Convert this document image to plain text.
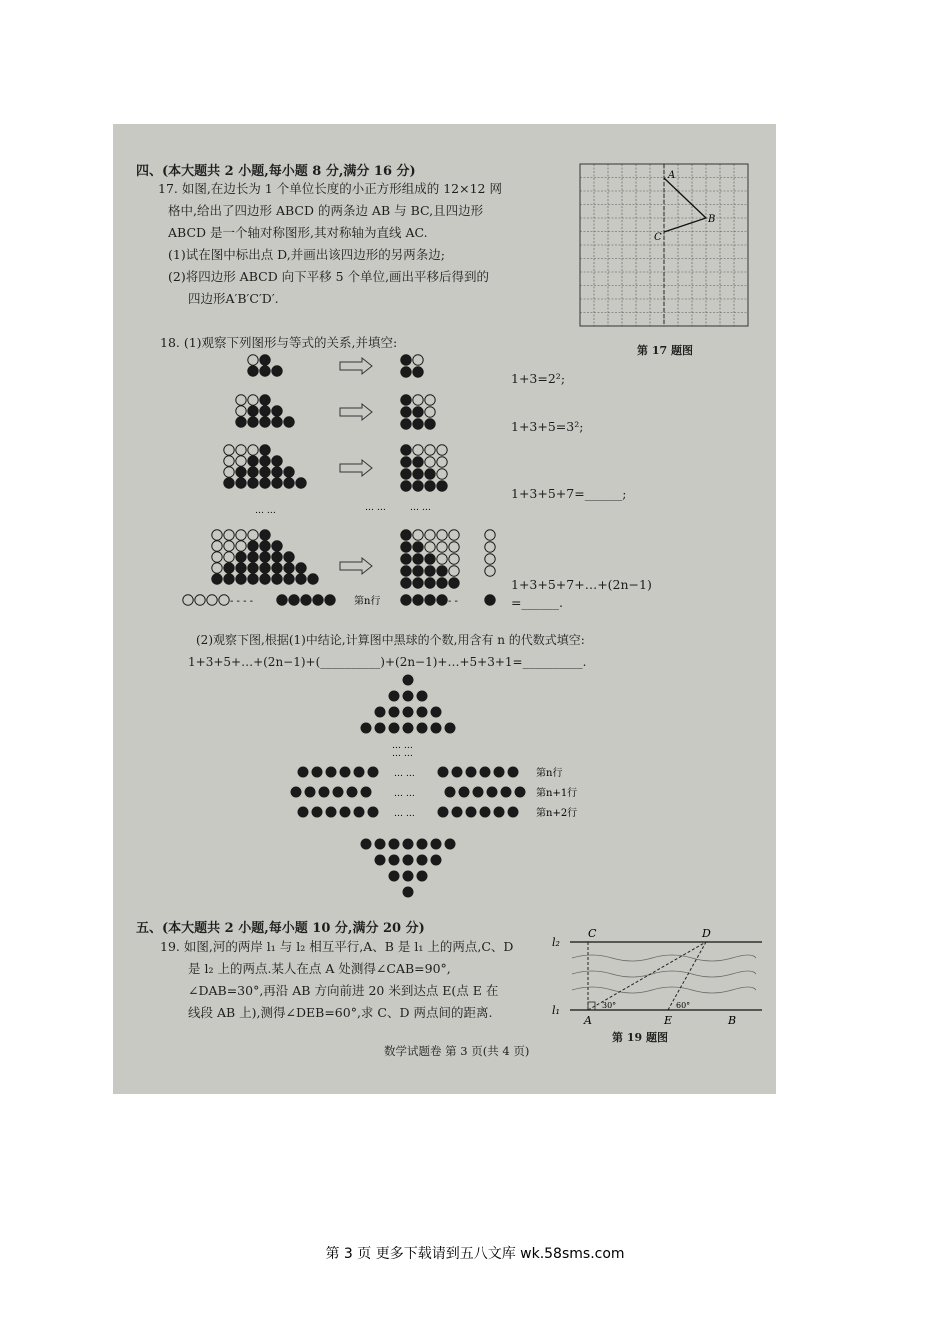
四、(本大题共 2 小题,每小题 8 分,满分 16 分)
17. 如图,在边长为 1 个单位长度的小正方形组成的 12×12 网
格中,给出了四边形 ABCD 的两条边 AB 与 BC,且四边形
ABCD 是一个轴对称图形,其对称轴为直线 AC.
(1)试在图中标出点 D,并画出该四边形的另两条边;
(2)将四边形 ABCD 向下平移 5 个单位,画出平移后得到的
四边形A′B′C′D′.
A
B
C
第 17 题图
18. (1)观察下列图形与等式的关系,并填空:
… …
… …	… …
第n行
- - - -	- -
1+3=2²;
1+3+5=3²;
1+3+5+7=______;
1+3+5+7+…+(2n−1)
=______.
(2)观察下图,根据(1)中结论,计算图中黑球的个数,用含有 n 的代数式填空:
1+3+5+…+(2n−1)+(__________)+(2n−1)+…+5+3+1=__________.
… …
… …
… …
… …
… …
第n行
第n+1行
第n+2行
五、(本大题共 2 小题,每小题 10 分,满分 20 分)
19. 如图,河的两岸 l₁ 与 l₂ 相互平行,A、B 是 l₁ 上的两点,C、D
是 l₂ 上的两点.某人在点 A 处测得∠CAB=90°,
∠DAB=30°,再沿 AB 方向前进 20 米到达点 E(点 E 在
线段 AB 上),测得∠DEB=60°,求 C、D 两点间的距离.
l₂
C	D
l₁
A	E	B
30°	60°
第 19 题图
数学试题卷 第 3 页(共 4 页)
第 3 页 更多下载请到五八文库 wk.58sms.com
